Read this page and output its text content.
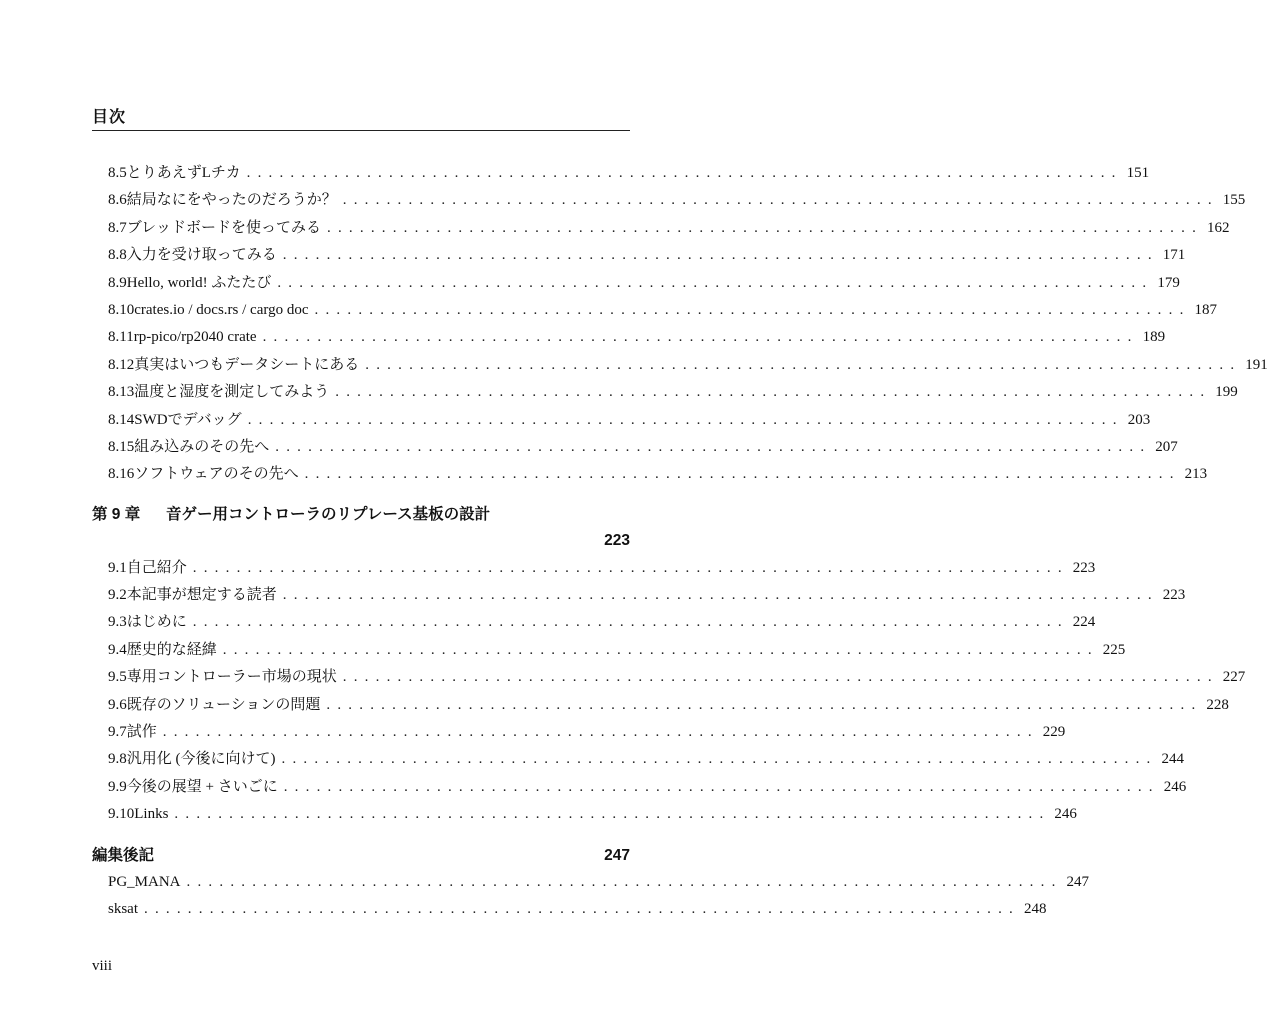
目次
8.5 とりあえずLチカ ................................................................................ 151
8.6 結局なにをやったのだろうか？ ................................................................................ 155
8.7 ブレッドボードを使ってみる ................................................................................ 162
8.8 入力を受け取ってみる ................................................................................ 171
8.9 Hello, world! ふたたび ................................................................................ 179
8.10 crates.io / docs.rs / cargo doc ................................................................................ 187
8.11 rp-pico/rp2040 crate ................................................................................ 189
8.12 真実はいつもデータシートにある ................................................................................ 191
8.13 温度と湿度を測定してみよう ................................................................................ 199
8.14 SWDでデバッグ ................................................................................ 203
8.15 組み込みのその先へ ................................................................................ 207
8.16 ソフトウェアのその先へ ................................................................................ 213
第 9 章	音ゲー用コントローラのリプレース基板の設計
223
9.1 自己紹介 ................................................................................ 223
9.2 本記事が想定する読者 ................................................................................ 223
9.3 はじめに ................................................................................ 224
9.4 歴史的な経緯 ................................................................................ 225
9.5 専用コントローラー市場の現状 ................................................................................ 227
9.6 既存のソリューションの問題 ................................................................................ 228
9.7 試作 ................................................................................ 229
9.8 汎用化 (今後に向けて) ................................................................................ 244
9.9 今後の展望 + さいごに ................................................................................ 246
9.10 Links ................................................................................ 246
編集後記	247
PG_MANA ................................................................................ 247
sksat ................................................................................ 248
viii
